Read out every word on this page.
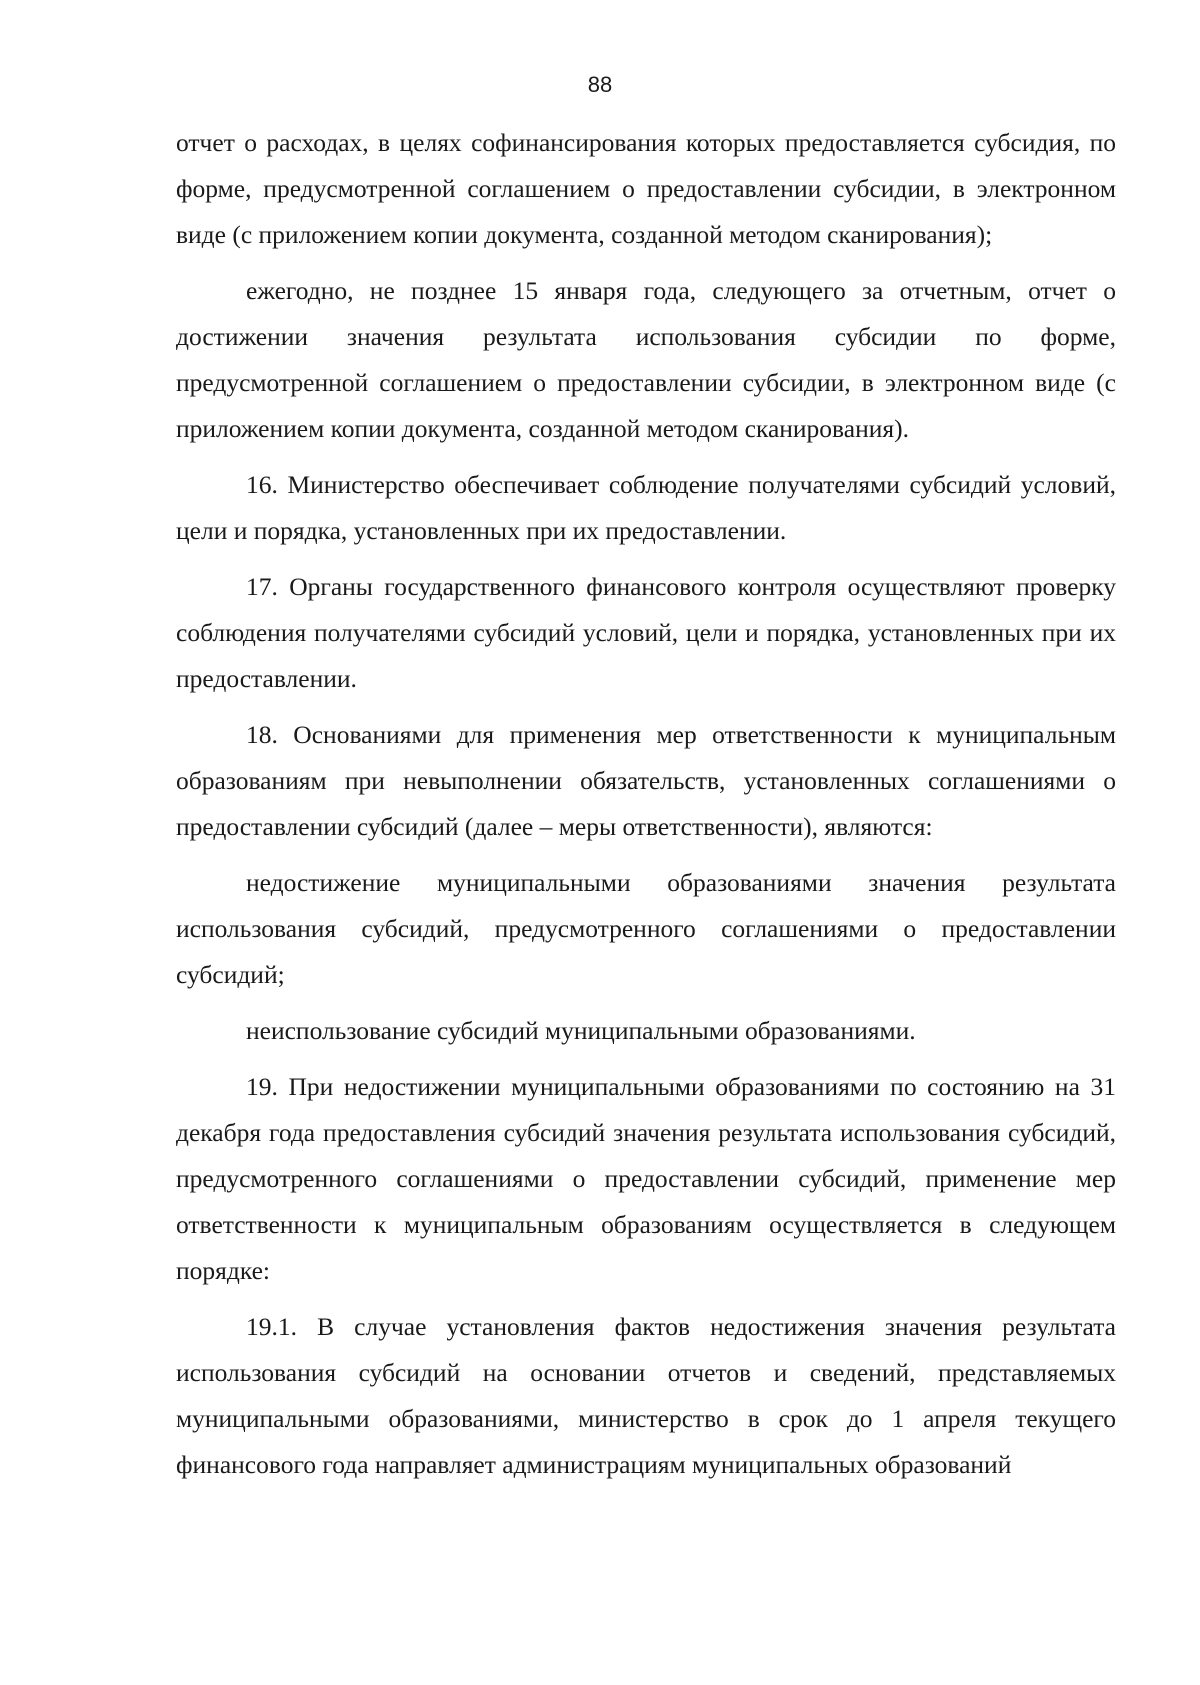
88

отчет о расходах, в целях софинансирования которых предоставляется субсидия, по форме, предусмотренной соглашением о предоставлении субсидии, в электронном виде (с приложением копии документа, созданной методом сканирования);

ежегодно, не позднее 15 января года, следующего за отчетным, отчет о достижении значения результата использования субсидии по форме, предусмотренной соглашением о предоставлении субсидии, в электронном виде (с приложением копии документа, созданной методом сканирования).

16. Министерство обеспечивает соблюдение получателями субсидий условий, цели и порядка, установленных при их предоставлении.

17. Органы государственного финансового контроля осуществляют проверку соблюдения получателями субсидий условий, цели и порядка, установленных при их предоставлении.

18. Основаниями для применения мер ответственности к муниципальным образованиям при невыполнении обязательств, установленных соглашениями о предоставлении субсидий (далее – меры ответственности), являются:

недостижение муниципальными образованиями значения результата использования субсидий, предусмотренного соглашениями о предоставлении субсидий;

неиспользование субсидий муниципальными образованиями.

19. При недостижении муниципальными образованиями по состоянию на 31 декабря года предоставления субсидий значения результата использования субсидий, предусмотренного соглашениями о предоставлении субсидий, применение мер ответственности к муниципальным образованиям осуществляется в следующем порядке:

19.1. В случае установления фактов недостижения значения результата использования субсидий на основании отчетов и сведений, представляемых муниципальными образованиями, министерство в срок до 1 апреля текущего финансового года направляет администрациям муниципальных образований
